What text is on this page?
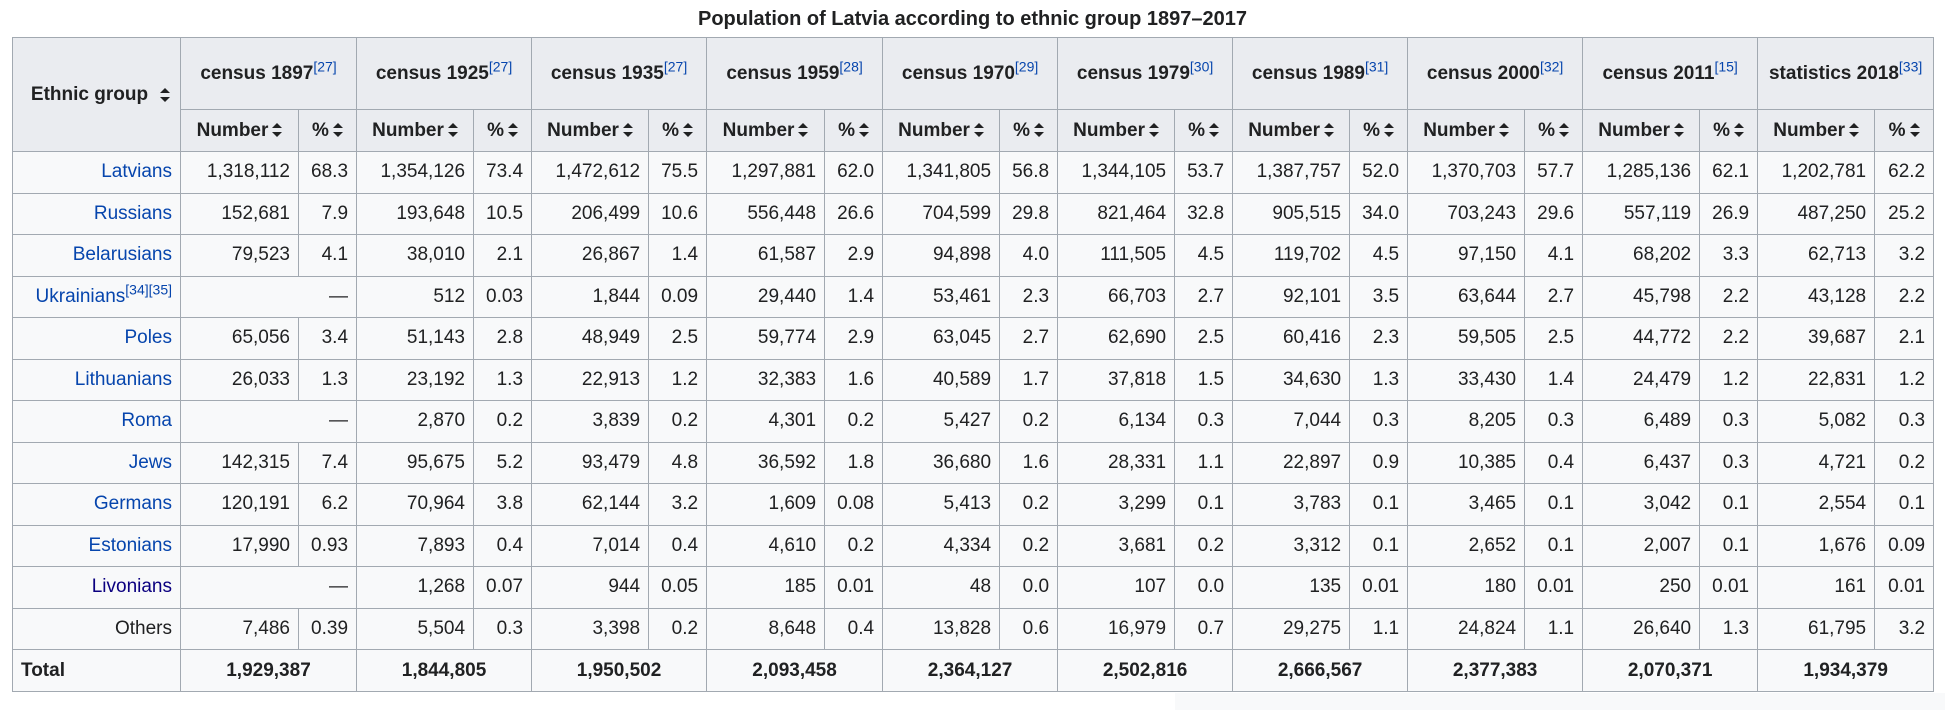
Population of Latvia according to ethnic group 1897–2017
Ethnic group	census 1897[27]		census 1925[27]		census 1935[27]		census 1959[28]		census 1970[29]		census 1979[30]		census 1989[31]		census 2000[32]		census 2011[15]		statistics 2018[33]
	Number	%	Number	%	Number	%	Number	%	Number	%	Number	%	Number	%	Number	%	Number	%	Number	%
Latvians	1,318,112	68.3	1,354,126	73.4	1,472,612	75.5	1,297,881	62.0	1,341,805	56.8	1,344,105	53.7	1,387,757	52.0	1,370,703	57.7	1,285,136	62.1	1,202,781	62.2
Russians	152,681	7.9	193,648	10.5	206,499	10.6	556,448	26.6	704,599	29.8	821,464	32.8	905,515	34.0	703,243	29.6	557,119	26.9	487,250	25.2
Belarusians	79,523	4.1	38,010	2.1	26,867	1.4	61,587	2.9	94,898	4.0	111,505	4.5	119,702	4.5	97,150	4.1	68,202	3.3	62,713	3.2
Ukrainians[34][35]	—		512	0.03	1,844	0.09	29,440	1.4	53,461	2.3	66,703	2.7	92,101	3.5	63,644	2.7	45,798	2.2	43,128	2.2
Poles	65,056	3.4	51,143	2.8	48,949	2.5	59,774	2.9	63,045	2.7	62,690	2.5	60,416	2.3	59,505	2.5	44,772	2.2	39,687	2.1
Lithuanians	26,033	1.3	23,192	1.3	22,913	1.2	32,383	1.6	40,589	1.7	37,818	1.5	34,630	1.3	33,430	1.4	24,479	1.2	22,831	1.2
Roma	—		2,870	0.2	3,839	0.2	4,301	0.2	5,427	0.2	6,134	0.3	7,044	0.3	8,205	0.3	6,489	0.3	5,082	0.3
Jews	142,315	7.4	95,675	5.2	93,479	4.8	36,592	1.8	36,680	1.6	28,331	1.1	22,897	0.9	10,385	0.4	6,437	0.3	4,721	0.2
Germans	120,191	6.2	70,964	3.8	62,144	3.2	1,609	0.08	5,413	0.2	3,299	0.1	3,783	0.1	3,465	0.1	3,042	0.1	2,554	0.1
Estonians	17,990	0.93	7,893	0.4	7,014	0.4	4,610	0.2	4,334	0.2	3,681	0.2	3,312	0.1	2,652	0.1	2,007	0.1	1,676	0.09
Livonians	—		1,268	0.07	944	0.05	185	0.01	48	0.0	107	0.0	135	0.01	180	0.01	250	0.01	161	0.01
Others	7,486	0.39	5,504	0.3	3,398	0.2	8,648	0.4	13,828	0.6	16,979	0.7	29,275	1.1	24,824	1.1	26,640	1.3	61,795	3.2
Total	1,929,387		1,844,805		1,950,502		2,093,458		2,364,127		2,502,816		2,666,567		2,377,383		2,070,371		1,934,379	
